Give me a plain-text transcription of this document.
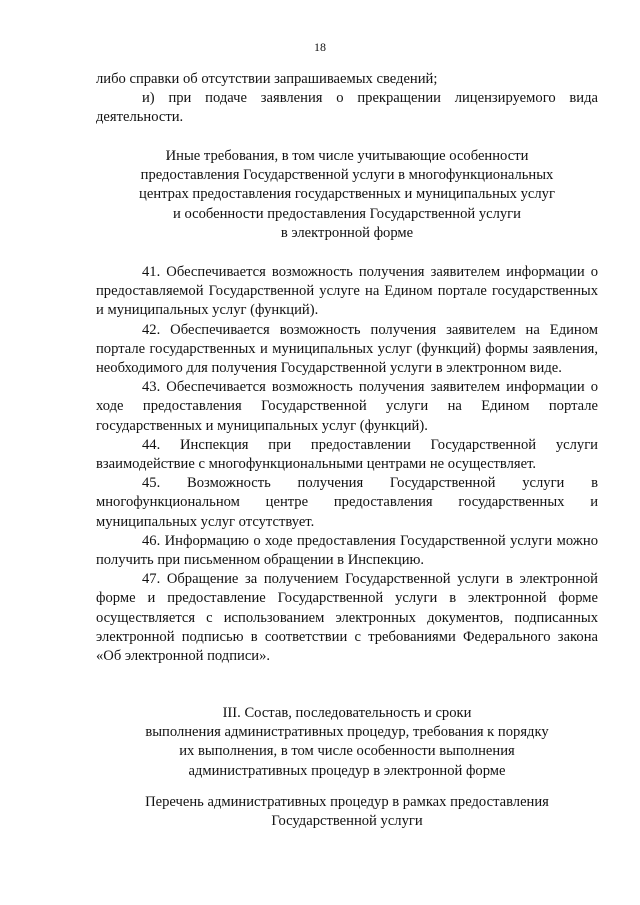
18

либо справки об отсутствии запрашиваемых сведений;

и) при подаче заявления о прекращении лицензируемого вида деятельности.

Иные требования, в том числе учитывающие особенности

предоставления Государственной услуги в многофункциональных

центрах предоставления государственных и муниципальных услуг

и особенности предоставления Государственной услуги

в электронной форме

41. Обеспечивается возможность получения заявителем информации о предоставляемой Государственной услуге на Едином портале государственных и муниципальных услуг (функций).

42. Обеспечивается возможность получения заявителем на Едином портале государственных и муниципальных услуг (функций) формы заявления, необходимого для получения Государственной услуги в электронном виде.

43. Обеспечивается возможность получения заявителем информации о ходе предоставления Государственной услуги на Едином портале государственных и муниципальных услуг (функций).

44. Инспекция при предоставлении Государственной услуги взаимодействие с многофункциональными центрами не осуществляет.

45. Возможность получения Государственной услуги в многофункциональном центре предоставления государственных и муниципальных услуг отсутствует.

46. Информацию о ходе предоставления Государственной услуги можно получить при письменном обращении в Инспекцию.

47. Обращение за получением Государственной услуги в электронной форме и предоставление Государственной услуги в электронной форме осуществляется с использованием электронных документов, подписанных электронной подписью в соответствии с требованиями Федерального закона «Об электронной подписи».

III. Состав, последовательность и сроки

выполнения административных процедур, требования к порядку

их выполнения, в том числе особенности выполнения

административных процедур в электронной форме

Перечень административных процедур в рамках предоставления

Государственной услуги
